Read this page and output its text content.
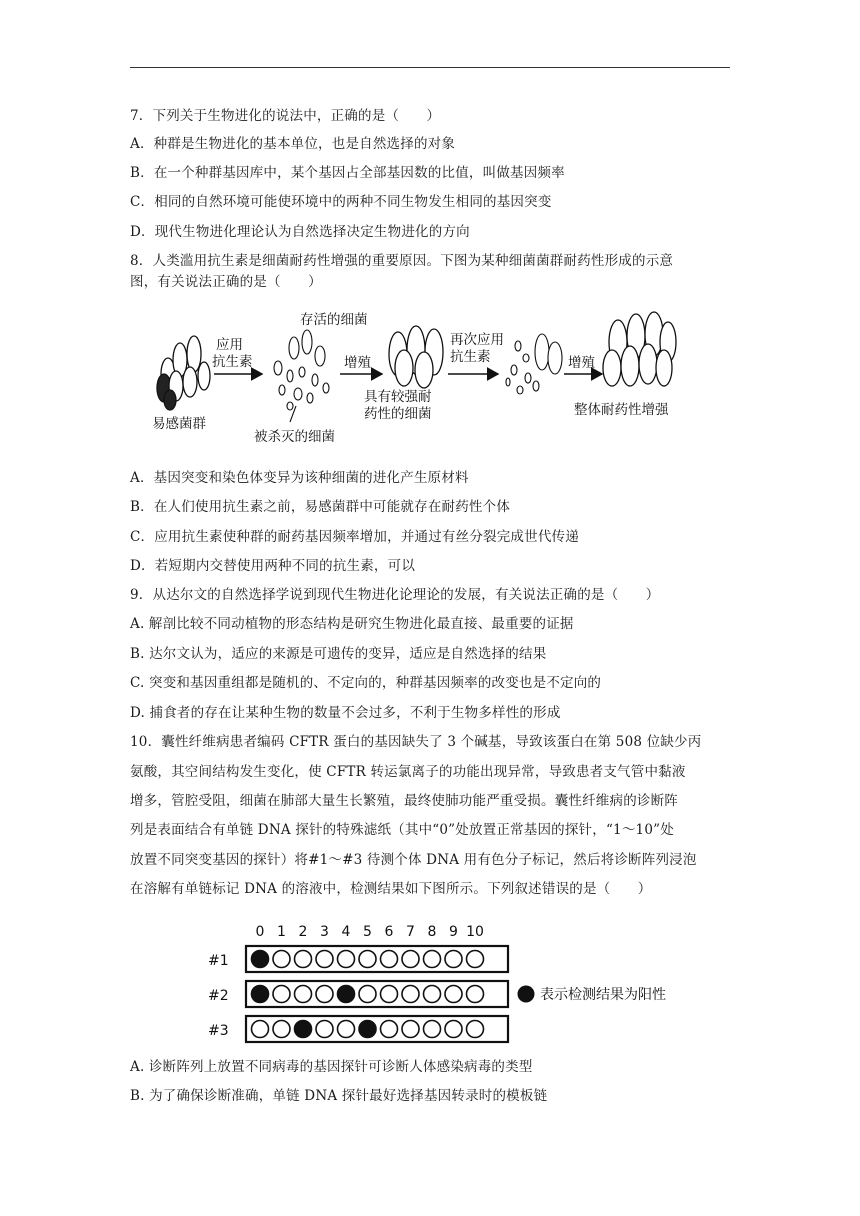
7．下列关于生物进化的说法中，正确的是（　　）
A．种群是生物进化的基本单位，也是自然选择的对象
B．在一个种群基因库中，某个基因占全部基因数的比值，叫做基因频率
C．相同的自然环境可能使环境中的两种不同生物发生相同的基因突变
D．现代生物进化理论认为自然选择决定生物进化的方向
8．人类滥用抗生素是细菌耐药性增强的重要原因。下图为某种细菌菌群耐药性形成的示意
图，有关说法正确的是（　　）
易感菌群
应用
抗生素
存活的细菌
被杀灭的细菌
增殖
具有较强耐
药性的细菌
再次应用
抗生素	增殖
整体耐药性增强
A．基因突变和染色体变异为该种细菌的进化产生原材料
B．在人们使用抗生素之前，易感菌群中可能就存在耐药性个体
C．应用抗生素使种群的耐药基因频率增加，并通过有丝分裂完成世代传递
D．若短期内交替使用两种不同的抗生素，可以
9．从达尔文的自然选择学说到现代生物进化论理论的发展，有关说法正确的是（　　）
A. 解剖比较不同动植物的形态结构是研究生物进化最直接、最重要的证据
B. 达尔文认为，适应的来源是可遗传的变异，适应是自然选择的结果
C. 突变和基因重组都是随机的、不定向的，种群基因频率的改变也是不定向的
D. 捕食者的存在让某种生物的数量不会过多，不利于生物多样性的形成
10．囊性纤维病患者编码 CFTR 蛋白的基因缺失了 3 个碱基，导致该蛋白在第 508 位缺少丙
氨酸，其空间结构发生变化，使 CFTR 转运氯离子的功能出现异常，导致患者支气管中黏液
增多，管腔受阻，细菌在肺部大量生长繁殖，最终使肺功能严重受损。囊性纤维病的诊断阵
列是表面结合有单链 DNA 探针的特殊滤纸（其中“0”处放置正常基因的探针，“1～10”处
放置不同突变基因的探针）将#1～#3 待测个体 DNA 用有色分子标记，然后将诊断阵列浸泡
在溶解有单链标记 DNA 的溶液中，检测结果如下图所示。下列叙述错误的是（　　）
0 1 2 3 4 5 6 7 8 9 10
#1
#2
#3
表示检测结果为阳性
A. 诊断阵列上放置不同病毒的基因探针可诊断人体感染病毒的类型
B. 为了确保诊断准确，单链 DNA 探针最好选择基因转录时的模板链
